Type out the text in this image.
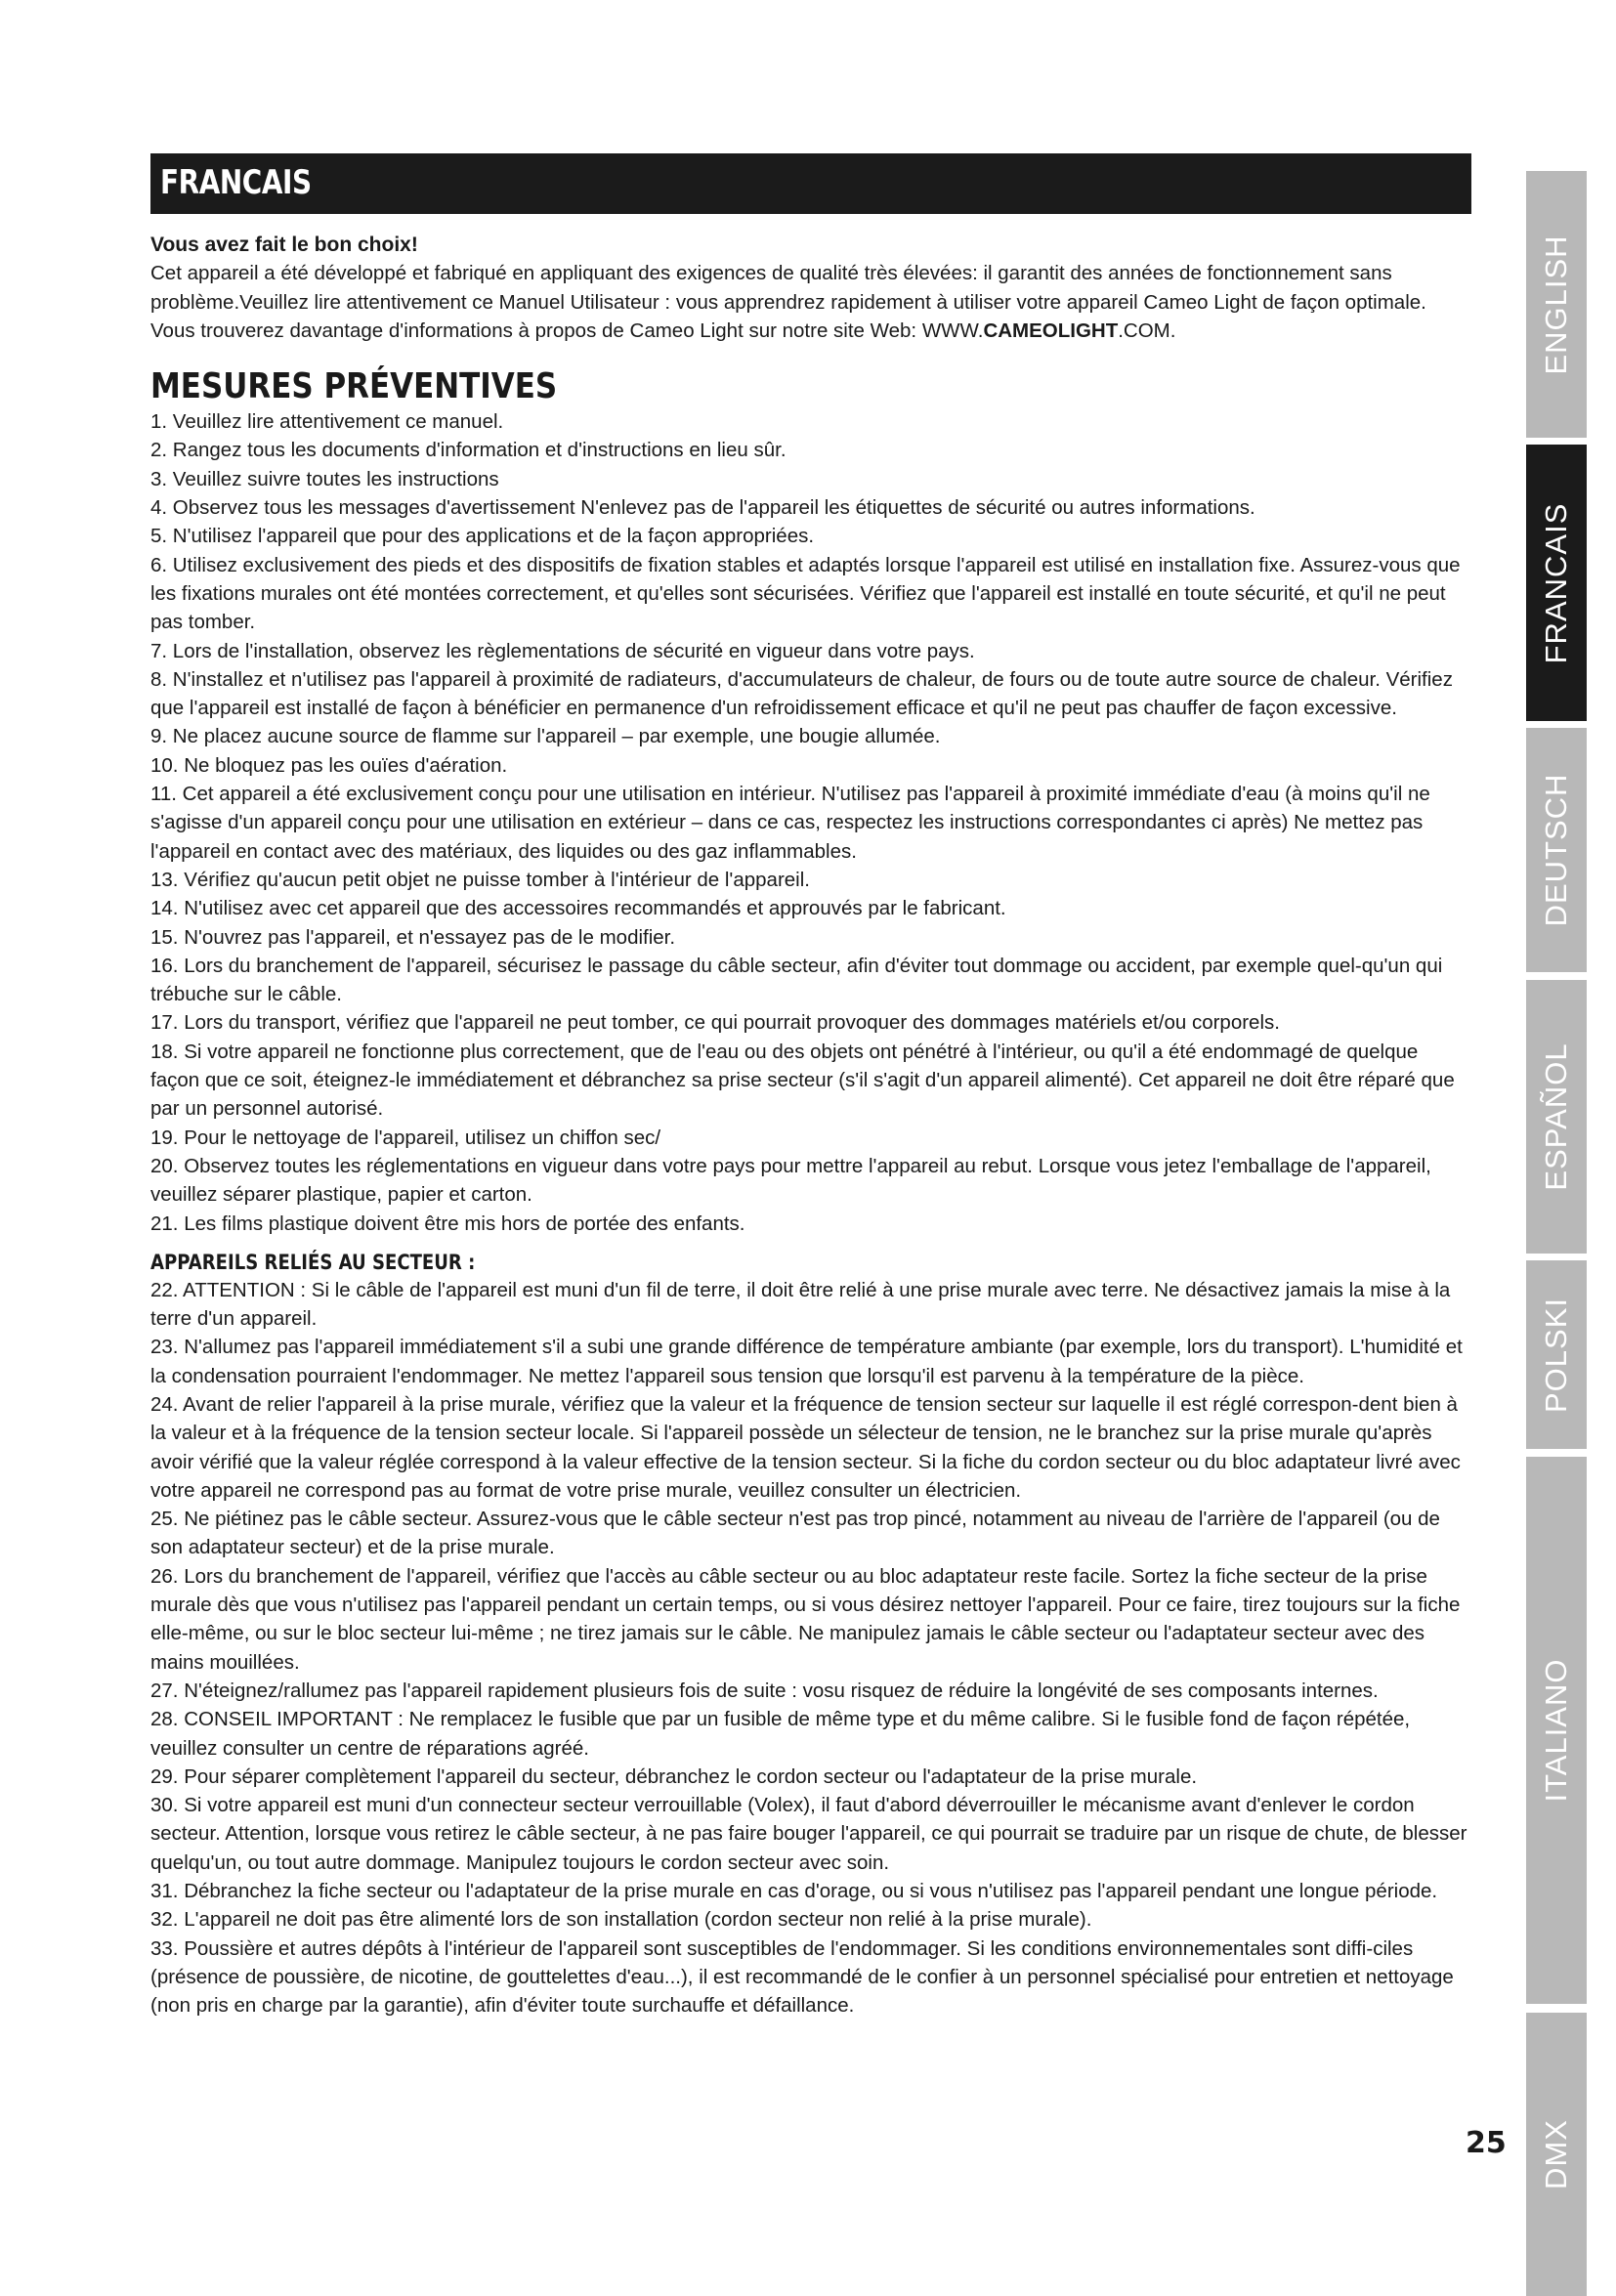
FRANCAIS

Vous avez fait le bon choix!

Cet appareil a été développé et fabriqué en appliquant des exigences de qualité très élevées: il garantit des années de fonctionnement sans problème.Veuillez lire attentivement ce Manuel Utilisateur : vous apprendrez rapidement à utiliser votre appareil Cameo Light de façon optimale. Vous trouverez davantage d'informations à propos de Cameo Light sur notre site Web: WWW.CAMEOLIGHT.COM.

MESURES PRÉVENTIVES
1. Veuillez lire attentivement ce manuel.
2. Rangez tous les documents d'information et d'instructions en lieu sûr.
3. Veuillez suivre toutes les instructions
4. Observez tous les messages d'avertissement N'enlevez pas de l'appareil les étiquettes de sécurité ou autres informations.
5. N'utilisez l'appareil que pour des applications et de la façon appropriées.
6. Utilisez exclusivement des pieds et des dispositifs de fixation stables et adaptés lorsque l'appareil est utilisé en installation fixe. Assurez-vous que les fixations murales ont été montées correctement, et qu'elles sont sécurisées. Vérifiez que l'appareil est installé en toute sécurité, et qu'il ne peut pas tomber.
7. Lors de l'installation, observez les règlementations de sécurité en vigueur dans votre pays.
8. N'installez et n'utilisez pas l'appareil à proximité de radiateurs, d'accumulateurs de chaleur, de fours ou de toute autre source de chaleur. Vérifiez que l'appareil est installé de façon à bénéficier en permanence d'un refroidissement efficace et qu'il ne peut pas chauffer de façon excessive.
9. Ne placez aucune source de flamme sur l'appareil – par exemple, une bougie allumée.
10. Ne bloquez pas les ouïes d'aération.
11. Cet appareil a été exclusivement conçu pour une utilisation en intérieur. N'utilisez pas l'appareil à proximité immédiate d'eau (à moins qu'il ne s'agisse d'un appareil conçu pour une utilisation en extérieur – dans ce cas, respectez les instructions correspondantes ci après) Ne mettez pas l'appareil en contact avec des matériaux, des liquides ou des gaz inflammables.
13. Vérifiez qu'aucun petit objet ne puisse tomber à l'intérieur de l'appareil.
14. N'utilisez avec cet appareil que des accessoires recommandés et approuvés par le fabricant.
15. N'ouvrez pas l'appareil, et n'essayez pas de le modifier.
16. Lors du branchement de l'appareil, sécurisez le passage du câble secteur, afin d'éviter tout dommage ou accident, par exemple quel-qu'un qui trébuche sur le câble.
17. Lors du transport, vérifiez que l'appareil ne peut tomber, ce qui pourrait provoquer des dommages matériels et/ou corporels.
18. Si votre appareil ne fonctionne plus correctement, que de l'eau ou des objets ont pénétré à l'intérieur, ou qu'il a été endommagé de quelque façon que ce soit, éteignez-le immédiatement et débranchez sa prise secteur (s'il s'agit d'un appareil alimenté). Cet appareil ne doit être réparé que par un personnel autorisé.
19. Pour le nettoyage de l'appareil, utilisez un chiffon sec/
20. Observez toutes les réglementations en vigueur dans votre pays pour mettre l'appareil au rebut. Lorsque vous jetez l'emballage de l'appareil, veuillez séparer plastique, papier et carton.
21. Les films plastique doivent être mis hors de portée des enfants.
APPAREILS RELIÉS AU SECTEUR :
22. ATTENTION : Si le câble de l'appareil est muni d'un fil de terre, il doit être relié à une prise murale avec terre. Ne désactivez jamais la mise à la terre d'un appareil.
23. N'allumez pas l'appareil immédiatement s'il a subi une grande différence de température ambiante (par exemple, lors du transport). L'humidité et la condensation pourraient l'endommager. Ne mettez l'appareil sous tension que lorsqu'il est parvenu à la température de la pièce.
24. Avant de relier l'appareil à la prise murale, vérifiez que la valeur et la fréquence de tension secteur sur laquelle il est réglé correspon-dent bien à la valeur et à la fréquence de la tension secteur locale. Si l'appareil possède un sélecteur de tension, ne le branchez sur la prise murale qu'après avoir vérifié que la valeur réglée correspond à la valeur effective de la tension secteur. Si la fiche du cordon secteur ou du bloc adaptateur livré avec votre appareil ne correspond pas au format de votre prise murale, veuillez consulter un électricien.
25. Ne piétinez pas le câble secteur. Assurez-vous que le câble secteur n'est pas trop pincé, notamment au niveau de l'arrière de l'appareil (ou de son adaptateur secteur) et de la prise murale.
26. Lors du branchement de l'appareil, vérifiez que l'accès au câble secteur ou au bloc adaptateur reste facile. Sortez la fiche secteur de la prise murale dès que vous n'utilisez pas l'appareil pendant un certain temps, ou si vous désirez nettoyer l'appareil. Pour ce faire, tirez toujours sur la fiche elle-même, ou sur le bloc secteur lui-même ; ne tirez jamais sur le câble. Ne manipulez jamais le câble secteur ou l'adaptateur secteur avec des mains mouillées.
27. N'éteignez/rallumez pas l'appareil rapidement plusieurs fois de suite : vosu risquez de réduire la longévité de ses composants internes.
28. CONSEIL IMPORTANT : Ne remplacez le fusible que par un fusible de même type et du même calibre. Si le fusible fond de façon répétée, veuillez consulter un centre de réparations agréé.
29. Pour séparer complètement l'appareil du secteur, débranchez le cordon secteur ou l'adaptateur de la prise murale.
30. Si votre appareil est muni d'un connecteur secteur verrouillable (Volex), il faut d'abord déverrouiller le mécanisme avant d'enlever le cordon secteur. Attention, lorsque vous retirez le câble secteur, à ne pas faire bouger l'appareil, ce qui pourrait se traduire par un risque de chute, de blesser quelqu'un, ou tout autre dommage. Manipulez toujours le cordon secteur avec soin.
31. Débranchez la fiche secteur ou l'adaptateur de la prise murale en cas d'orage, ou si vous n'utilisez pas l'appareil pendant une longue période.
32. L'appareil ne doit pas être alimenté lors de son installation (cordon secteur non relié à la prise murale).
33. Poussière et autres dépôts à l'intérieur de l'appareil sont susceptibles de l'endommager. Si les conditions environnementales sont diffi-ciles (présence de poussière, de nicotine, de gouttelettes d'eau...), il est recommandé de le confier à un personnel spécialisé pour entretien et nettoyage (non pris en charge par la garantie), afin d'éviter toute surchauffe et défaillance.
ENGLISH
FRANCAIS
DEUTSCH
ESPAÑOL
POLSKI
ITALIANO
DMX
25
